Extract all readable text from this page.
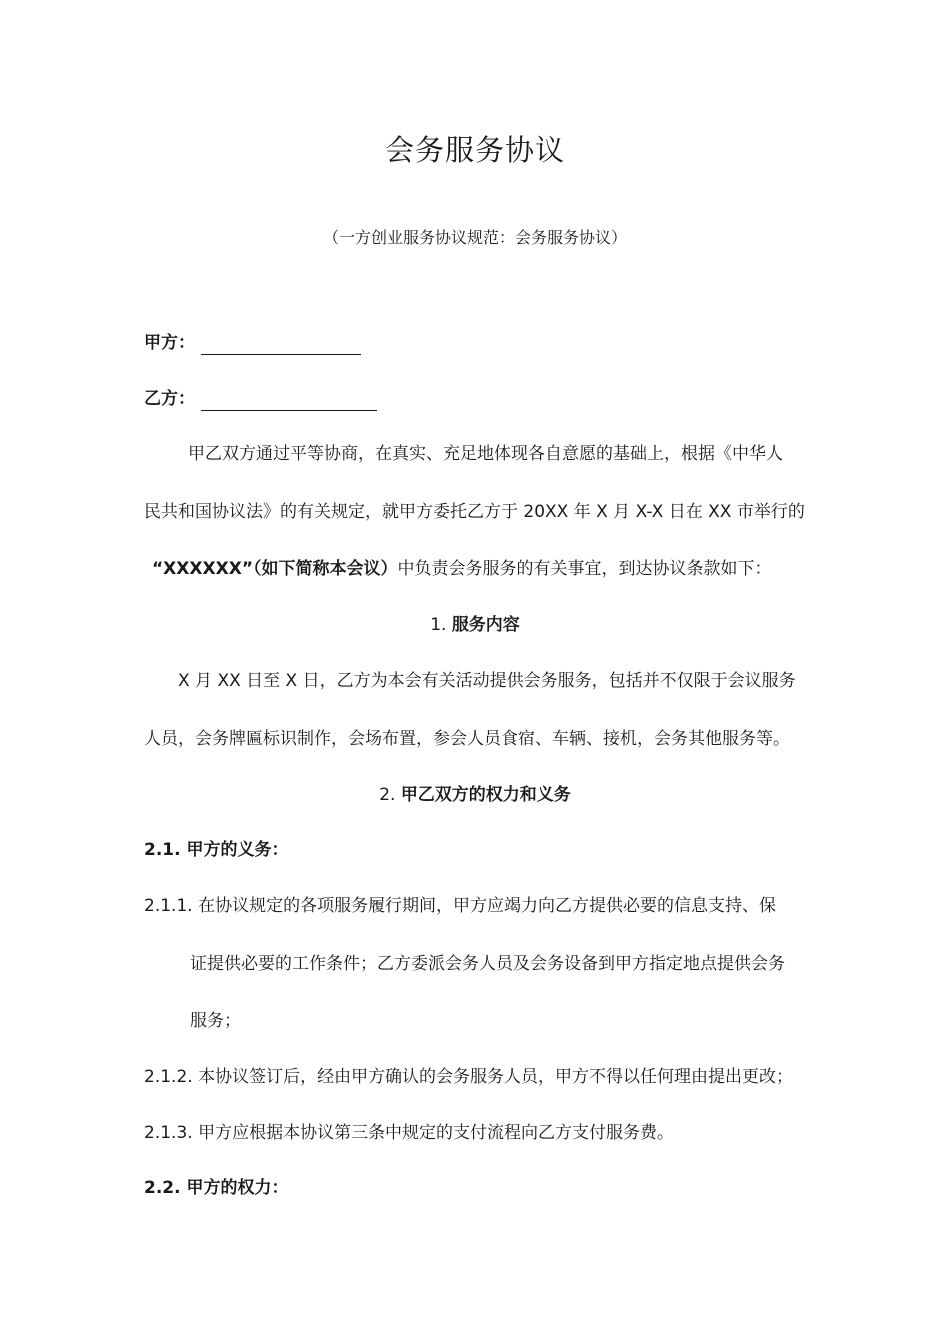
会务服务协议
（一方创业服务协议规范：会务服务协议）
甲方：
乙方：
甲乙双方通过平等协商，在真实、充足地体现各自意愿的基础上，根据《中华人
民共和国协议法》的有关规定，就甲方委托乙方于 20XX 年 X 月 X-X 日在 XX 市举行的
“XXXXXX”（如下简称本会议）中负责会务服务的有关事宜，到达协议条款如下：
1. 服务内容
X 月 XX 日至 X 日，乙方为本会有关活动提供会务服务，包括并不仅限于会议服务
人员，会务牌匾标识制作，会场布置，参会人员食宿、车辆、接机，会务其他服务等。
2. 甲乙双方的权力和义务
2.1. 甲方的义务：
2.1.1. 在协议规定的各项服务履行期间，甲方应竭力向乙方提供必要的信息支持、保
证提供必要的工作条件；乙方委派会务人员及会务设备到甲方指定地点提供会务
服务；
2.1.2. 本协议签订后，经由甲方确认的会务服务人员，甲方不得以任何理由提出更改；
2.1.3. 甲方应根据本协议第三条中规定的支付流程向乙方支付服务费。
2.2. 甲方的权力：
